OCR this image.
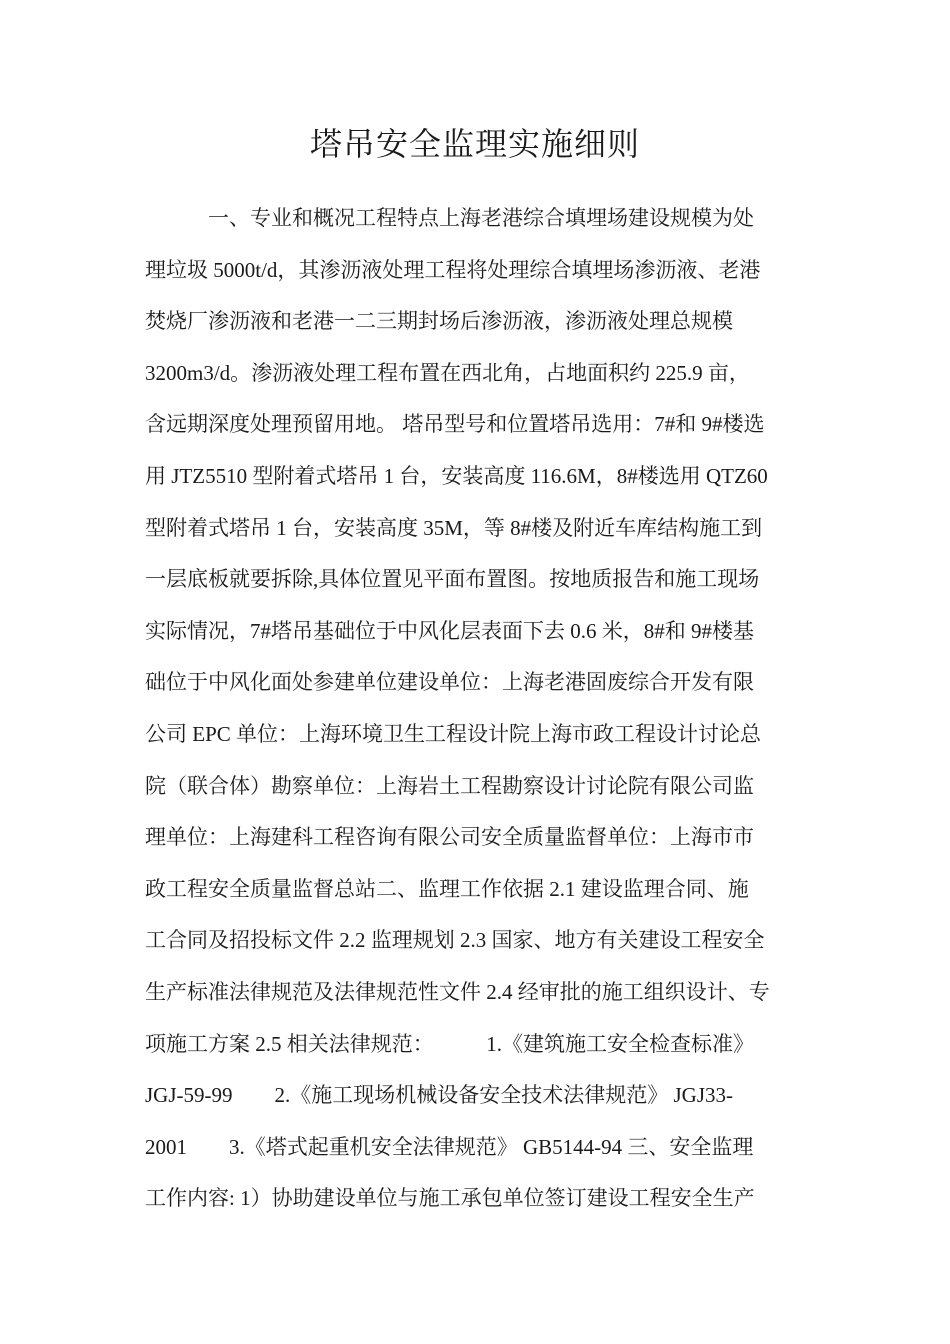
塔吊安全监理实施细则
　　　一、专业和概况工程特点上海老港综合填埋场建设规模为处
理垃圾 5000t/d，其渗沥液处理工程将处理综合填埋场渗沥液、老港
焚烧厂渗沥液和老港一二三期封场后渗沥液，渗沥液处理总规模
3200m3/d。渗沥液处理工程布置在西北角，占地面积约 225.9 亩，
含远期深度处理预留用地。 塔吊型号和位置塔吊选用：7#和 9#楼选
用 JTZ5510 型附着式塔吊 1 台，安装高度 116.6M，8#楼选用 QTZ60
型附着式塔吊 1 台，安装高度 35M，等 8#楼及附近车库结构施工到
一层底板就要拆除,具体位置见平面布置图。按地质报告和施工现场
实际情况，7#塔吊基础位于中风化层表面下去 0.6 米，8#和 9#楼基
础位于中风化面处参建单位建设单位：上海老港固废综合开发有限
公司 EPC 单位：上海环境卫生工程设计院上海市政工程设计讨论总
院（联合体）勘察单位：上海岩土工程勘察设计讨论院有限公司监
理单位：上海建科工程咨询有限公司安全质量监督单位：上海市市
政工程安全质量监督总站二、监理工作依据 2.1 建设监理合同、施
工合同及招投标文件 2.2 监理规划 2.3 国家、地方有关建设工程安全
生产标准法律规范及法律规范性文件 2.4 经审批的施工组织设计、专
项施工方案 2.5 相关法律规范：　　　1.《建筑施工安全检查标准》
JGJ-59-99　　2.《施工现场机械设备安全技术法律规范》 JGJ33-
2001　　3.《塔式起重机安全法律规范》 GB5144-94 三、安全监理
工作内容: 1）协助建设单位与施工承包单位签订建设工程安全生产
